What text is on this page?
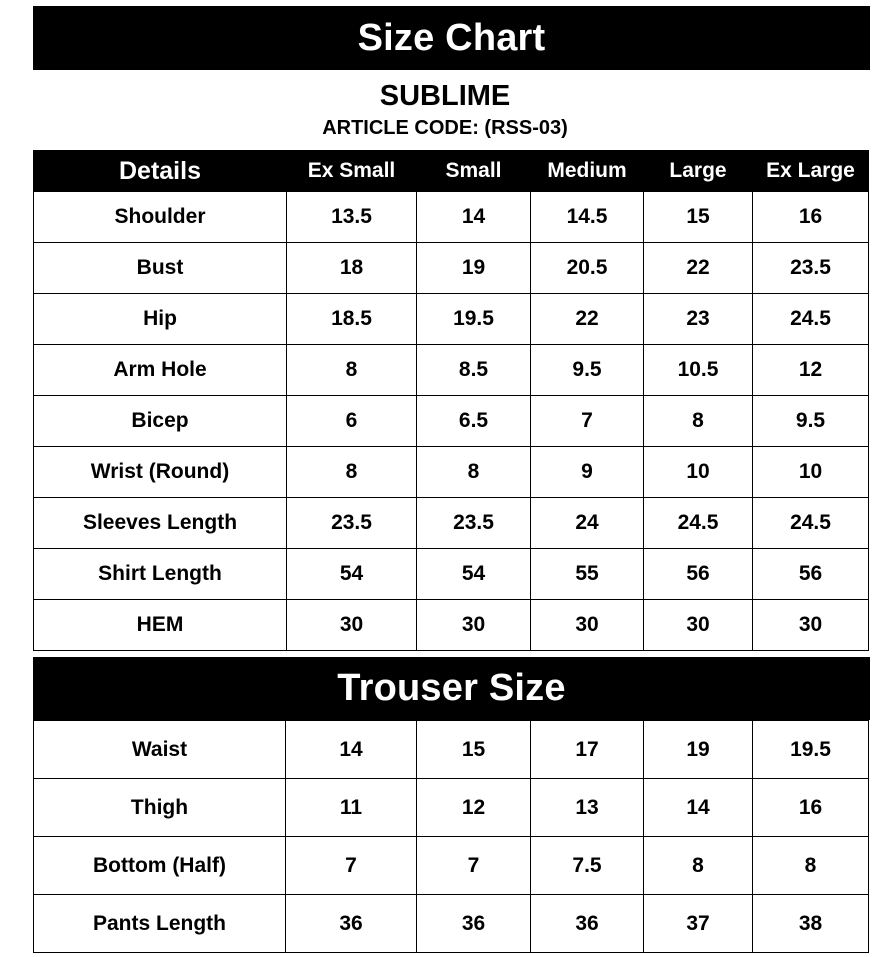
Size Chart
SUBLIME
ARTICLE CODE: (RSS-03)
Details	Ex Small	Small	Medium	Large	Ex Large
Shoulder	13.5	14	14.5	15	16
Bust	18	19	20.5	22	23.5
Hip	18.5	19.5	22	23	24.5
Arm Hole	8	8.5	9.5	10.5	12
Bicep	6	6.5	7	8	9.5
Wrist (Round)	8	8	9	10	10
Sleeves Length	23.5	23.5	24	24.5	24.5
Shirt Length	54	54	55	56	56
HEM	30	30	30	30	30
Trouser Size
Waist	14	15	17	19	19.5
Thigh	11	12	13	14	16
Bottom (Half)	7	7	7.5	8	8
Pants Length	36	36	36	37	38
